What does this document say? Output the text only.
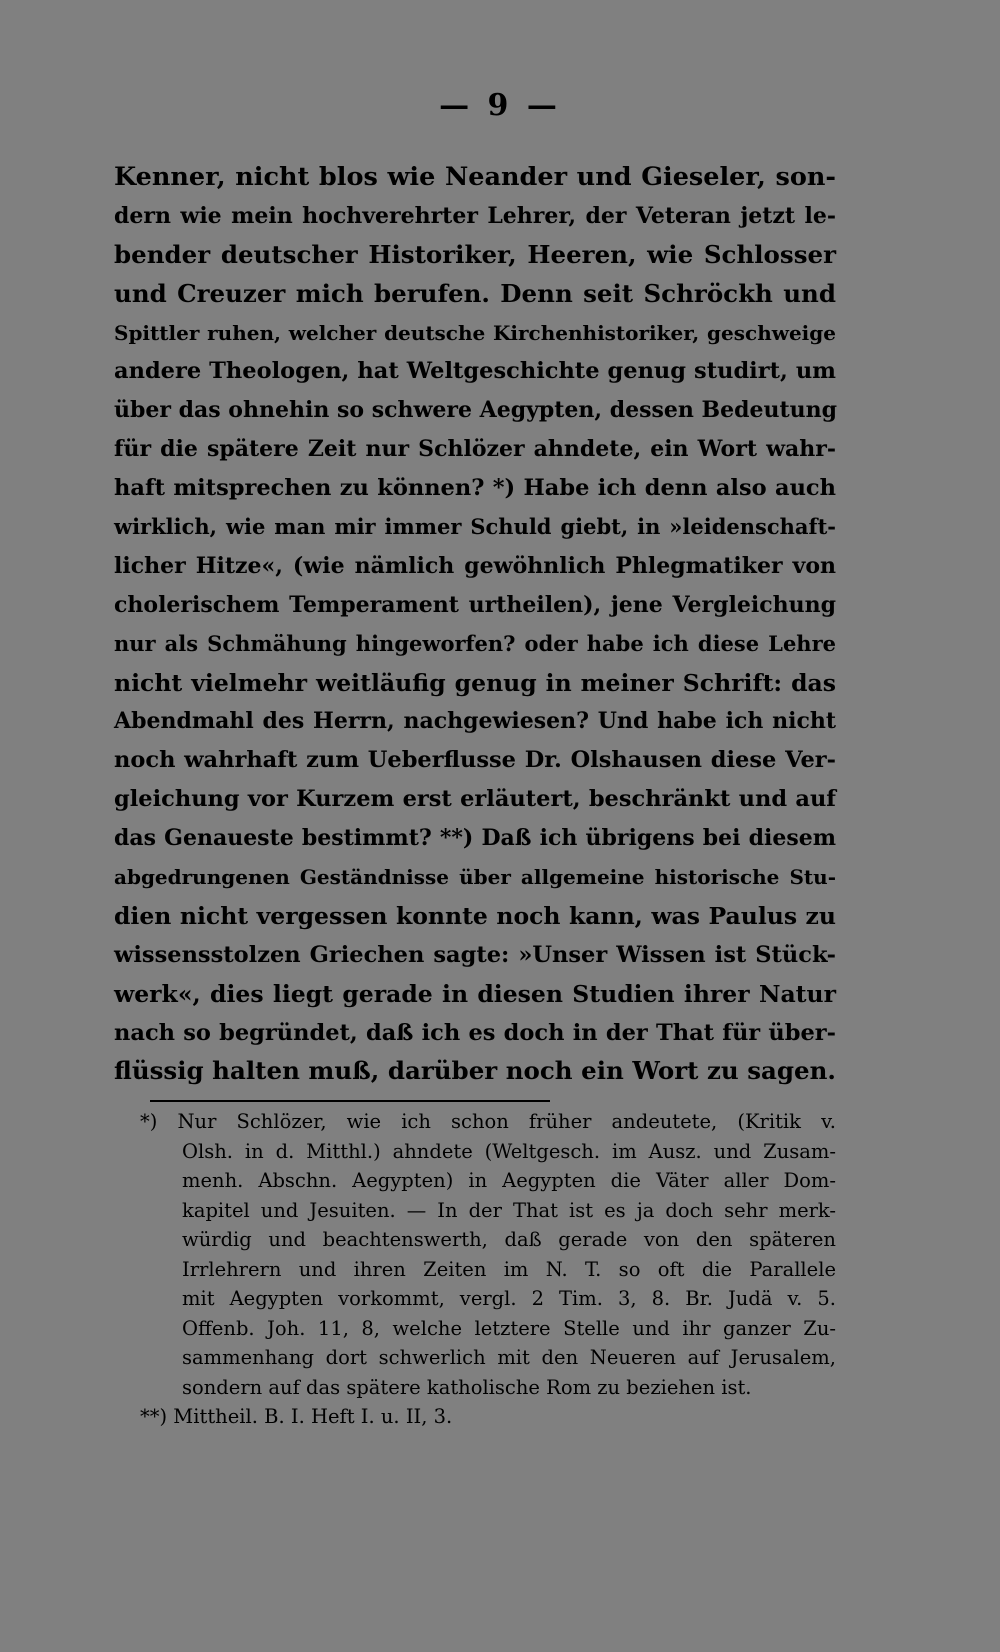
— 9 —
Kenner, nicht blos wie Neander und Gieseler, son-
dern wie mein hochverehrter Lehrer, der Veteran jetzt le-
bender deutscher Historiker, Heeren, wie Schlosser
und Creuzer mich berufen. Denn seit Schröckh und
Spittler ruhen, welcher deutsche Kirchenhistoriker, geschweige
andere Theologen, hat Weltgeschichte genug studirt, um
über das ohnehin so schwere Aegypten, dessen Bedeutung
für die spätere Zeit nur Schlözer ahndete, ein Wort wahr-
haft mitsprechen zu können? *) Habe ich denn also auch
wirklich, wie man mir immer Schuld giebt, in »leidenschaft-
licher Hitze«, (wie nämlich gewöhnlich Phlegmatiker von
cholerischem Temperament urtheilen), jene Vergleichung
nur als Schmähung hingeworfen? oder habe ich diese Lehre
nicht vielmehr weitläufig genug in meiner Schrift: das
Abendmahl des Herrn, nachgewiesen? Und habe ich nicht
noch wahrhaft zum Ueberflusse Dr. Olshausen diese Ver-
gleichung vor Kurzem erst erläutert, beschränkt und auf
das Genaueste bestimmt? **) Daß ich übrigens bei diesem
abgedrungenen Geständnisse über allgemeine historische Stu-
dien nicht vergessen konnte noch kann, was Paulus zu
wissensstolzen Griechen sagte: »Unser Wissen ist Stück-
werk«, dies liegt gerade in diesen Studien ihrer Natur
nach so begründet, daß ich es doch in der That für über-
flüssig halten muß, darüber noch ein Wort zu sagen.
*) Nur Schlözer, wie ich schon früher andeutete, (Kritik v.
Olsh. in d. Mitthl.) ahndete (Weltgesch. im Ausz. und Zusam-
menh. Abschn. Aegypten) in Aegypten die Väter aller Dom-
kapitel und Jesuiten. — In der That ist es ja doch sehr merk-
würdig und beachtenswerth, daß gerade von den späteren
Irrlehrern und ihren Zeiten im N. T. so oft die Parallele
mit Aegypten vorkommt, vergl. 2 Tim. 3, 8. Br. Judä v. 5.
Offenb. Joh. 11, 8, welche letztere Stelle und ihr ganzer Zu-
sammenhang dort schwerlich mit den Neueren auf Jerusalem,
sondern auf das spätere katholische Rom zu beziehen ist.
**) Mittheil. B. I. Heft I. u. II, 3.
